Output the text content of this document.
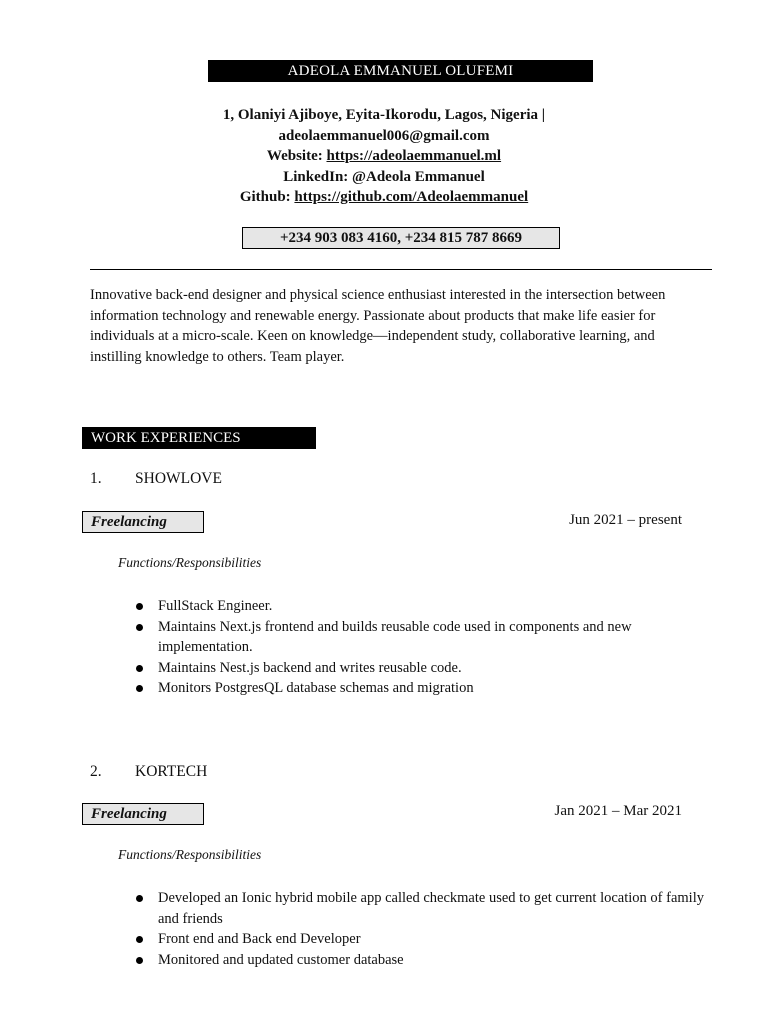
ADEOLA EMMANUEL OLUFEMI
1, Olaniyi Ajiboye, Eyita-Ikorodu, Lagos, Nigeria |
adeolaemmanuel006@gmail.com
Website: https://adeolaemmanuel.ml
LinkedIn: @Adeola Emmanuel
Github: https://github.com/Adeolaemmanuel
+234 903 083 4160, +234 815 787 8669
Innovative back-end designer and physical science enthusiast interested in the intersection between information technology and renewable energy. Passionate about products that make life easier for individuals at a micro-scale. Keen on knowledge—independent study, collaborative learning, and instilling knowledge to others. Team player.
WORK EXPERIENCES
1. SHOWLOVE
Freelancing	Jun 2021 – present
Functions/Responsibilities
FullStack Engineer.
Maintains Next.js frontend and builds reusable code used in components and new implementation.
Maintains Nest.js backend and writes reusable code.
Monitors PostgresQL database schemas and migration
2. KORTECH
Freelancing	Jan 2021 – Mar 2021
Functions/Responsibilities
Developed an Ionic hybrid mobile app called checkmate used to get current location of family and friends
Front end and Back end Developer
Monitored and updated customer database
